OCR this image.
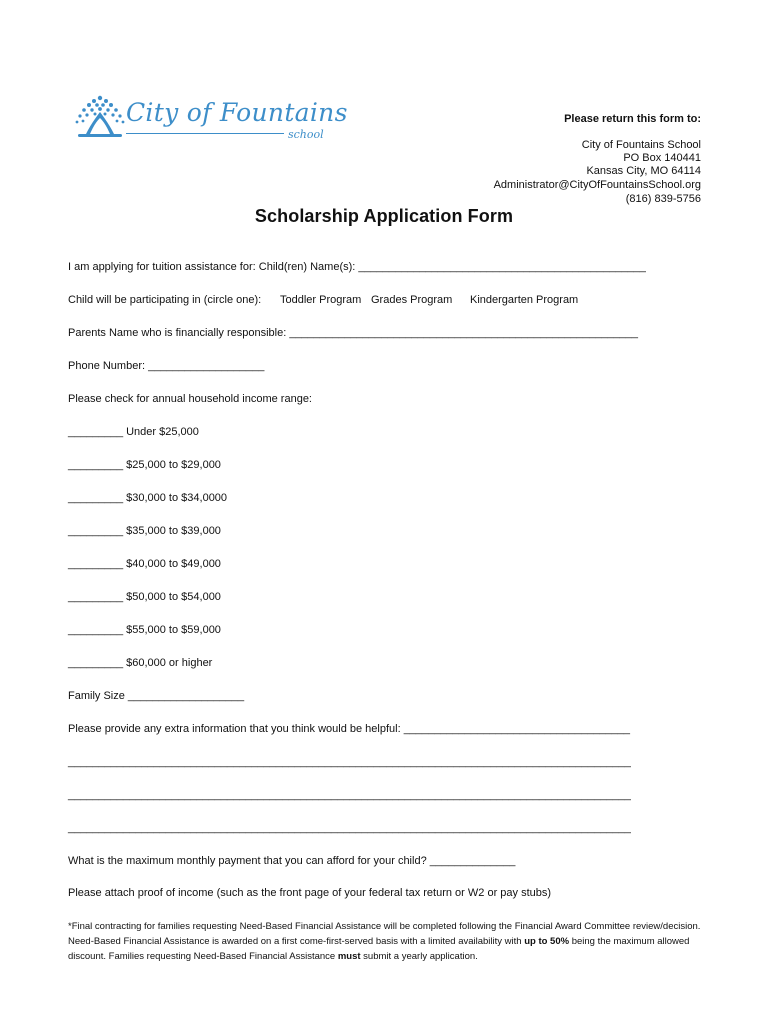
City of Fountains
school
Please return this form to:
City of Fountains School
PO Box 140441
Kansas City, MO 64114
Administrator@CityOfFountainsSchool.org
(816) 839-5756
Scholarship Application Form
I am applying for tuition assistance for: Child(ren) Name(s): _______________________________________________
Child will be participating in (circle one): Toddler Program Grades Program Kindergarten Program
Parents Name who is financially responsible: _________________________________________________________
Phone Number: ___________________
Please check for annual household income range:
_________ Under $25,000
_________ $25,000 to $29,000
_________ $30,000 to $34,0000
_________ $35,000 to $39,000
_________ $40,000 to $49,000
_________ $50,000 to $54,000
_________ $55,000 to $59,000
_________ $60,000 or higher
Family Size ___________________
Please provide any extra information that you think would be helpful: _____________________________________
____________________________________________________________________________________________
____________________________________________________________________________________________
____________________________________________________________________________________________
What is the maximum monthly payment that you can afford for your child? ______________
Please attach proof of income (such as the front page of your federal tax return or W2 or pay stubs)
*Final contracting for families requesting Need-Based Financial Assistance will be completed following the Financial Award Committee review/decision. Need-Based Financial Assistance is awarded on a first come-first-served basis with a limited availability with up to 50% being the maximum allowed discount. Families requesting Need-Based Financial Assistance must submit a yearly application.
